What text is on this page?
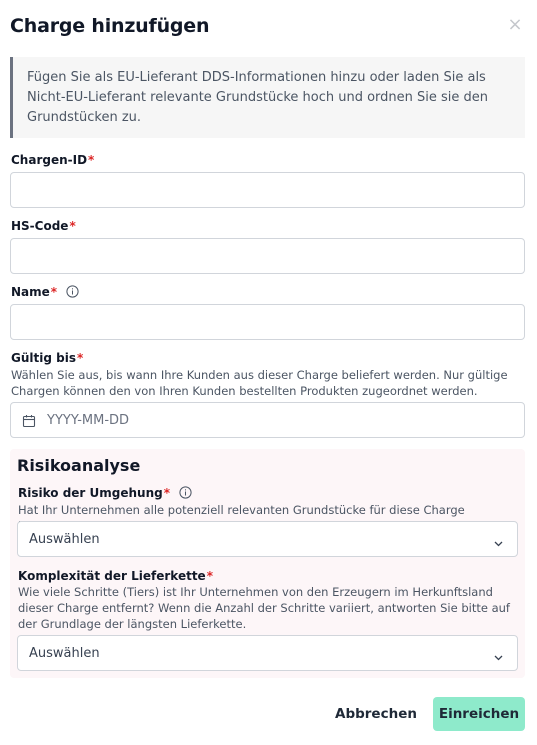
Charge hinzufügen	×
Fügen Sie als EU-Lieferant DDS-Informationen hinzu oder laden Sie als Nicht-EU-Lieferant relevante Grundstücke hoch und ordnen Sie sie den Grundstücken zu.
Chargen-ID*
HS-Code*
Name*
Gültig bis*
Wählen Sie aus, bis wann Ihre Kunden aus dieser Charge beliefert werden. Nur gültige Chargen können den von Ihren Kunden bestellten Produkten zugeordnet werden.
YYYY-MM-DD
Risikoanalyse
Risiko der Umgehung*
Hat Ihr Unternehmen alle potenziell relevanten Grundstücke für diese Charge
Auswählen
Komplexität der Lieferkette*
Wie viele Schritte (Tiers) ist Ihr Unternehmen von den Erzeugern im Herkunftsland dieser Charge entfernt? Wenn die Anzahl der Schritte variiert, antworten Sie bitte auf der Grundlage der längsten Lieferkette.
Auswählen
Abbrechen	Einreichen
